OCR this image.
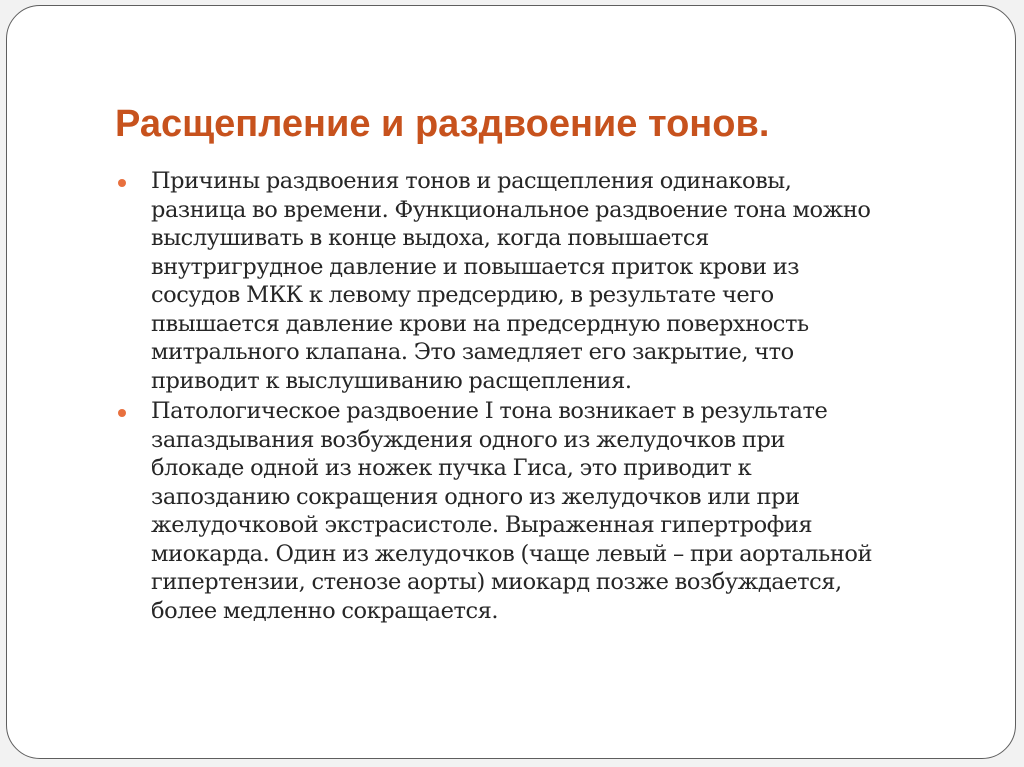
Расщепление и раздвоение тонов.
Причины раздвоения тонов и расщепления одинаковы,
разница во времени. Функциональное раздвоение тона можно
выслушивать в конце выдоха, когда повышается
внутригрудное давление и повышается приток крови из
сосудов МКК к левому предсердию, в результате чего
пвышается давление крови на предсердную поверхность
митрального клапана. Это замедляет его закрытие, что
приводит к выслушиванию расщепления.
Патологическое раздвоение I тона возникает в результате
запаздывания возбуждения одного из желудочков при
блокаде одной из ножек пучка Гиса, это приводит к
запозданию сокращения одного из желудочков или при
желудочковой экстрасистоле. Выраженная гипертрофия
миокарда. Один из желудочков (чаще левый – при аортальной
гипертензии, стенозе аорты) миокард позже возбуждается,
более медленно сокращается.
